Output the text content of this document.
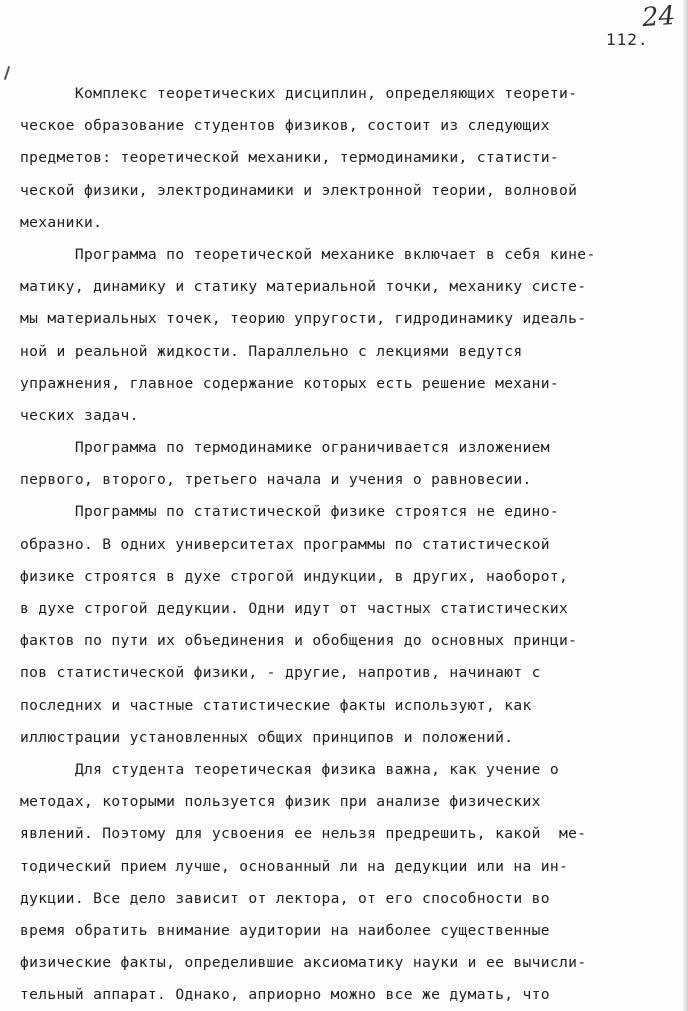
24
112.
Комплекс теоретических дисциплин, определяющих теорети-
ческое образование студентов физиков, состоит из следующих
предметов: теоретической механики, термодинамики, статисти-
ческой физики, электродинамики и электронной теории, волновой
механики.
Программа по теоретической механике включает в себя кине-
матику, динамику и статику материальной точки, механику систе-
мы материальных точек, теорию упругости, гидродинамику идеаль-
ной и реальной жидкости. Параллельно с лекциями ведутся
упражнения, главное содержание которых есть решение механи-
ческих задач.
Программа по термодинамике ограничивается изложением
первого, второго, третьего начала и учения о равновесии.
Программы по статистической физике строятся не едино-
образно. В одних университетах программы по статистической
физике строятся в духе строгой индукции, в других, наоборот,
в духе строгой дедукции. Одни идут от частных статистических
фактов по пути их объединения и обобщения до основных принци-
пов статистической физики, - другие, напротив, начинают с
последних и частные статистические факты используют, как
иллюстрации установленных общих принципов и положений.
Для студента теоретическая физика важна, как учение о
методах, которыми пользуется физик при анализе физических
явлений. Поэтому для усвоения ее нельзя предрешить, какой  ме-
тодический прием лучше, основанный ли на дедукции или на ин-
дукции. Все дело зависит от лектора, от его способности во
время обратить внимание аудитории на наиболее существенные
физические факты, определившие аксиоматику науки и ее вычисли-
тельный аппарат. Однако, априорно можно все же думать, что
